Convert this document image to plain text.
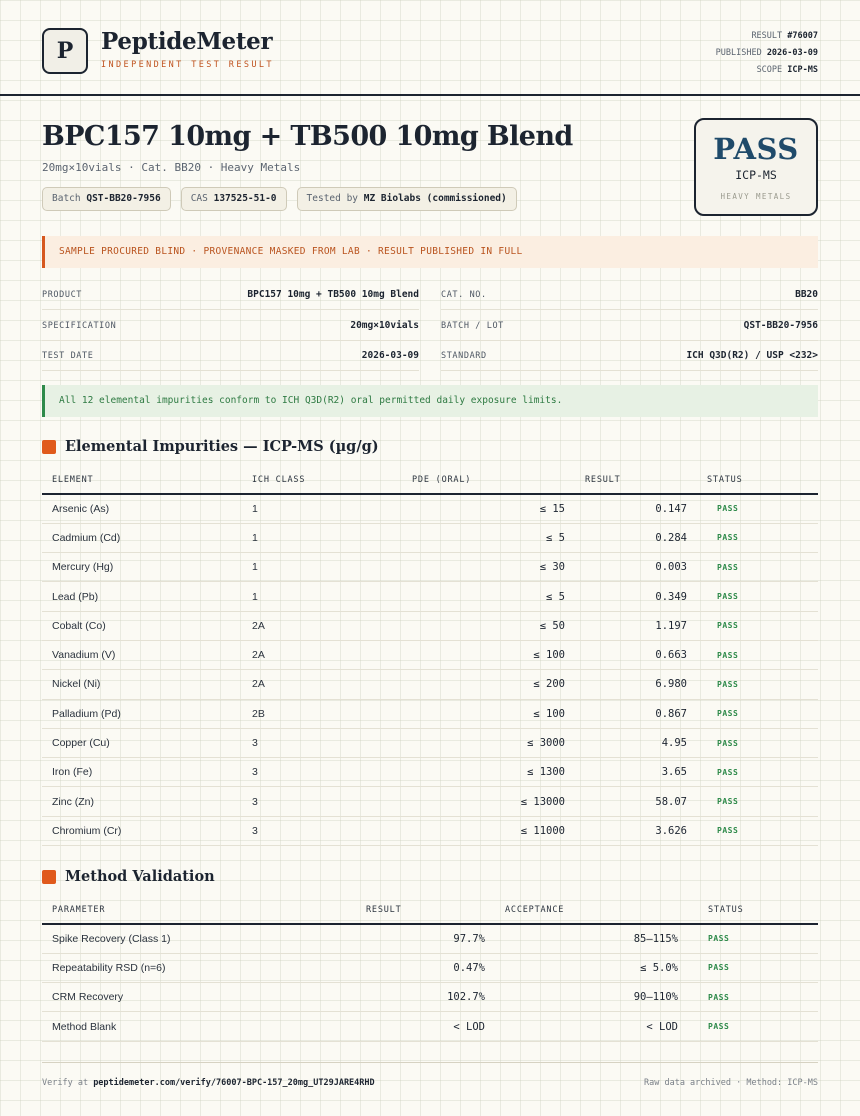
P PeptideMeter
INDEPENDENT TEST RESULT
RESULT #76007
PUBLISHED 2026-03-09
SCOPE ICP-MS
BPC157 10mg + TB500 10mg Blend
20mg×10vials · Cat. BB20 · Heavy Metals
Batch QST-BB20-7956	CAS 137525-51-0	Tested by MZ Biolabs (commissioned)
PASS
ICP-MS
HEAVY METALS
SAMPLE PROCURED BLIND · PROVENANCE MASKED FROM LAB · RESULT PUBLISHED IN FULL
PRODUCT	BPC157 10mg + TB500 10mg Blend	CAT. NO.	BB20
SPECIFICATION	20mg×10vials	BATCH / LOT	QST-BB20-7956
TEST DATE	2026-03-09	STANDARD	ICH Q3D(R2) / USP <232>
All 12 elemental impurities conform to ICH Q3D(R2) oral permitted daily exposure limits.
Elemental Impurities — ICP-MS (µg/g)
ELEMENT	ICH CLASS	PDE (ORAL)	RESULT	STATUS
Arsenic (As)	1	≤ 15	0.147	PASS
Cadmium (Cd)	1	≤ 5	0.284	PASS
Mercury (Hg)	1	≤ 30	0.003	PASS
Lead (Pb)	1	≤ 5	0.349	PASS
Cobalt (Co)	2A	≤ 50	1.197	PASS
Vanadium (V)	2A	≤ 100	0.663	PASS
Nickel (Ni)	2A	≤ 200	6.980	PASS
Palladium (Pd)	2B	≤ 100	0.867	PASS
Copper (Cu)	3	≤ 3000	4.95	PASS
Iron (Fe)	3	≤ 1300	3.65	PASS
Zinc (Zn)	3	≤ 13000	58.07	PASS
Chromium (Cr)	3	≤ 11000	3.626	PASS
Method Validation
PARAMETER	RESULT	ACCEPTANCE	STATUS
Spike Recovery (Class 1)	97.7%	85–115%	PASS
Repeatability RSD (n=6)	0.47%	≤ 5.0%	PASS
CRM Recovery	102.7%	90–110%	PASS
Method Blank	< LOD	< LOD	PASS
Verify at peptidemeter.com/verify/76007-BPC-157_20mg_UT29JARE4RHD	Raw data archived · Method: ICP-MS
